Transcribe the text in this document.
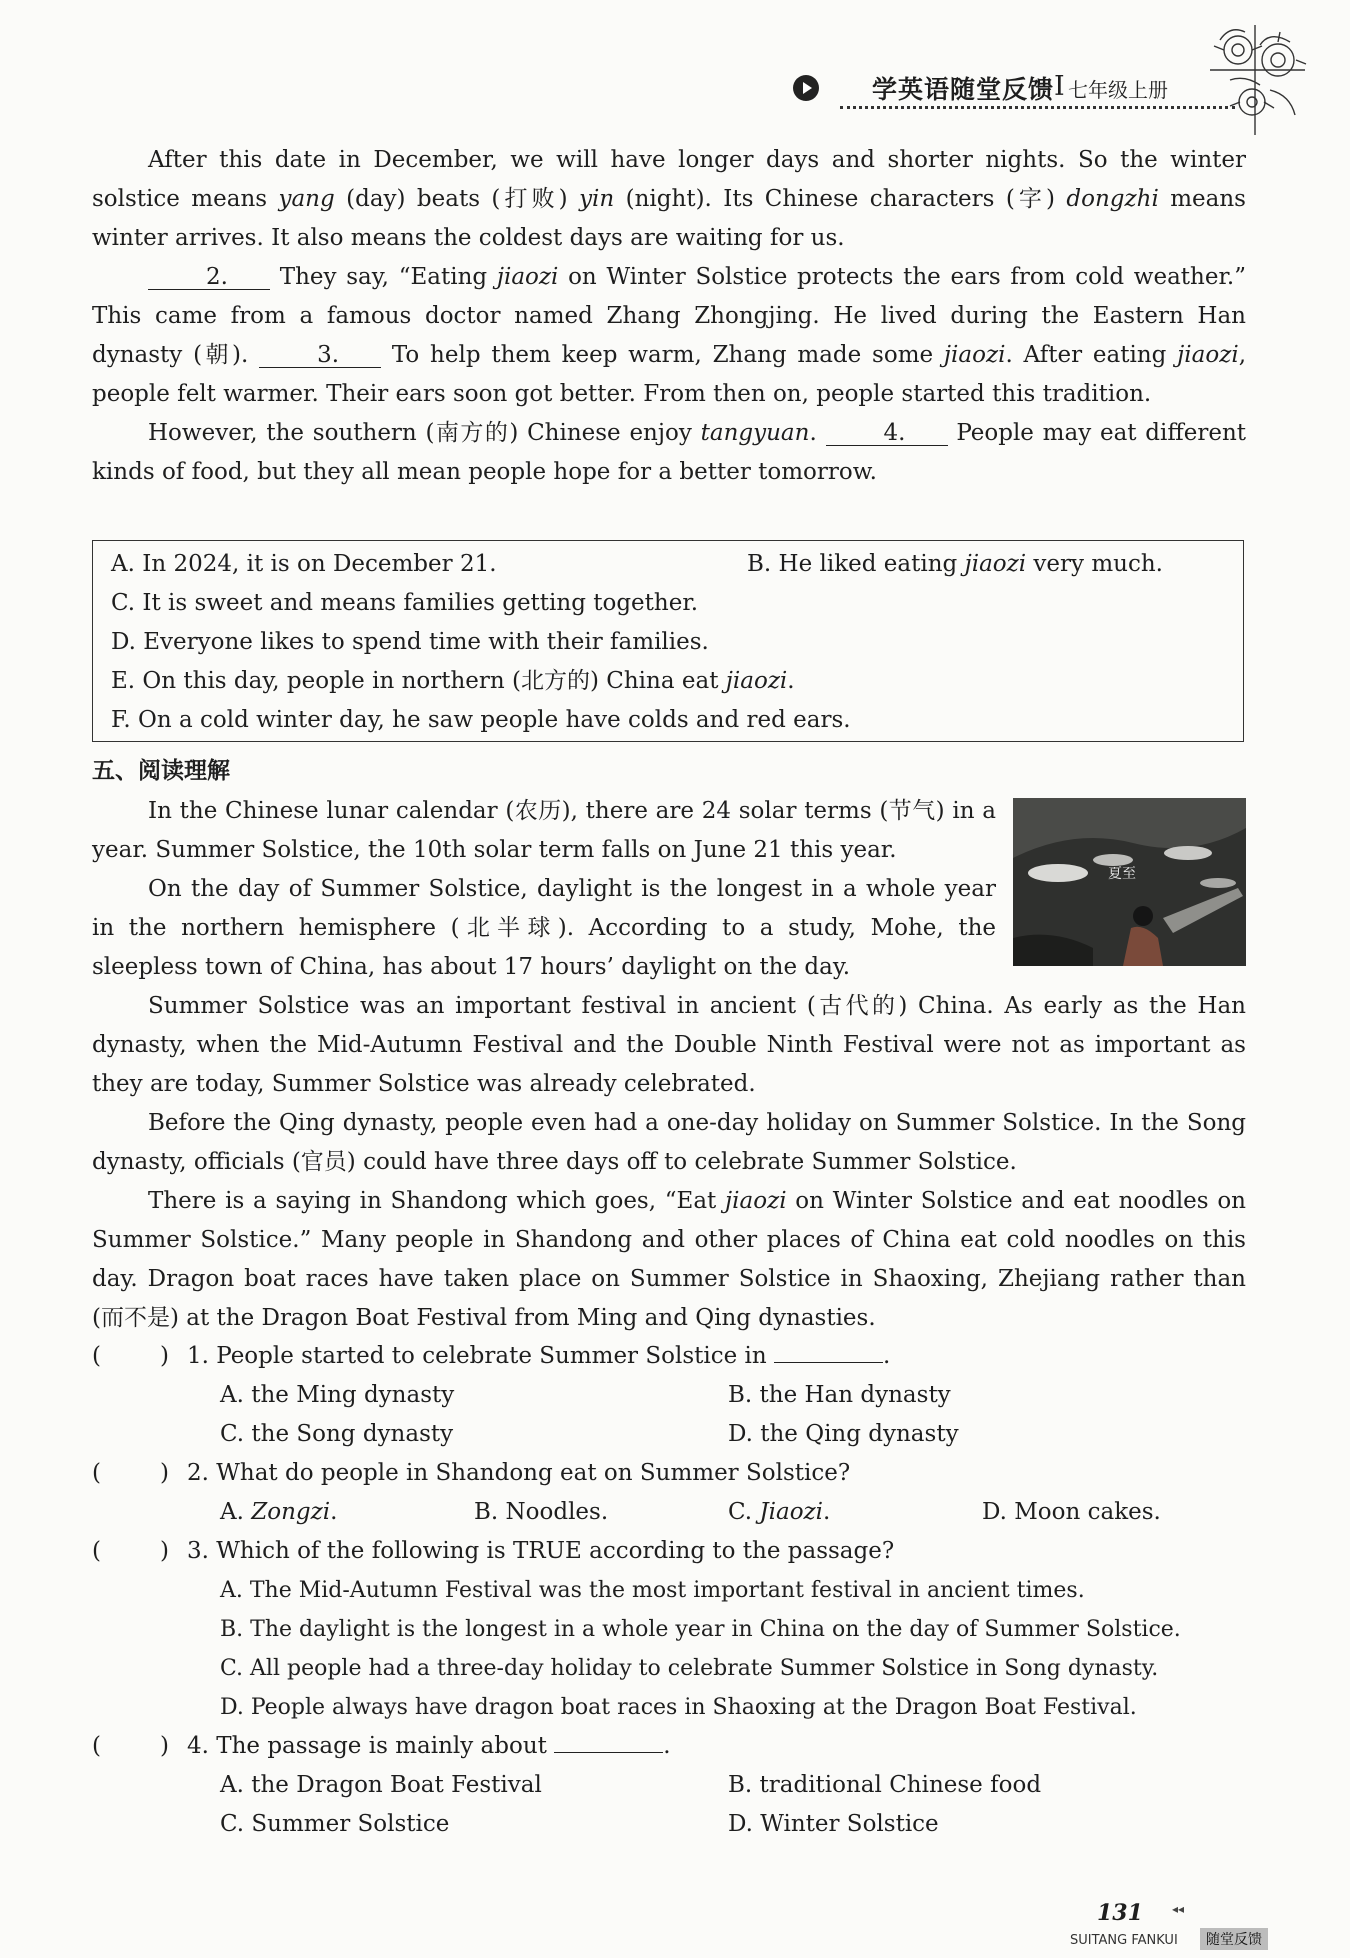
学英语随堂反馈 I 七年级上册

After this date in December, we will have longer days and shorter nights. So the winter solstice means yang (day) beats (打败) yin (night). Its Chinese characters (字) dongzhi means winter arrives. It also means the coldest days are waiting for us.

2. They say, “Eating jiaozi on Winter Solstice protects the ears from cold weather.” This came from a famous doctor named Zhang Zhongjing. He lived during the Eastern Han dynasty (朝).	3. To help them keep warm, Zhang made some jiaozi. After eating jiaozi, people felt warmer. Their ears soon got better. From then on, people started this tradition.

However, the southern (南方的) Chinese enjoy tangyuan.	4. People may eat different kinds of food, but they all mean people hope for a better tomorrow.

A. In 2024, it is on December 21.	B. He liked eating jiaozi very much.
C. It is sweet and means families getting together.
D. Everyone likes to spend time with their families.
E. On this day, people in northern (北方的) China eat jiaozi.
F. On a cold winter day, he saw people have colds and red ears.
五、阅读理解
夏至

In the Chinese lunar calendar (农历), there are 24 solar terms (节气) in a year. Summer Solstice, the 10th solar term falls on June 21 this year.

On the day of Summer Solstice, daylight is the longest in a whole year in the northern hemisphere (北半球). According to a study, Mohe, the sleepless town of China, has about 17 hours’ daylight on the day.

Summer Solstice was an important festival in ancient (古代的) China. As early as the Han dynasty, when the Mid-Autumn Festival and the Double Ninth Festival were not as important as they are today, Summer Solstice was already celebrated.

Before the Qing dynasty, people even had a one-day holiday on Summer Solstice. In the Song dynasty, officials (官员) could have three days off to celebrate Summer Solstice.

There is a saying in Shandong which goes, “Eat jiaozi on Winter Solstice and eat noodles on Summer Solstice.” Many people in Shandong and other places of China eat cold noodles on this day. Dragon boat races have taken place on Summer Solstice in Shaoxing, Zhejiang rather than (而不是) at the Dragon Boat Festival from Ming and Qing dynasties.

(	) 1. People started to celebrate Summer Solstice in	.
A. the Ming dynasty	B. the Han dynasty
C. the Song dynasty	D. the Qing dynasty
(	) 2. What do people in Shandong eat on Summer Solstice?
A. Zongzi.	B. Noodles.	C. Jiaozi.	D. Moon cakes.
(	) 3. Which of the following is TRUE according to the passage?
A. The Mid-Autumn Festival was the most important festival in ancient times.
B. The daylight is the longest in a whole year in China on the day of Summer Solstice.
C. All people had a three-day holiday to celebrate Summer Solstice in Song dynasty.
D. People always have dragon boat races in Shaoxing at the Dragon Boat Festival.
(	) 4. The passage is mainly about	.
A. the Dragon Boat Festival	B. traditional Chinese food
C. Summer Solstice	D. Winter Solstice
131 ◂◂
SUITANG FANKUI	随堂反馈
